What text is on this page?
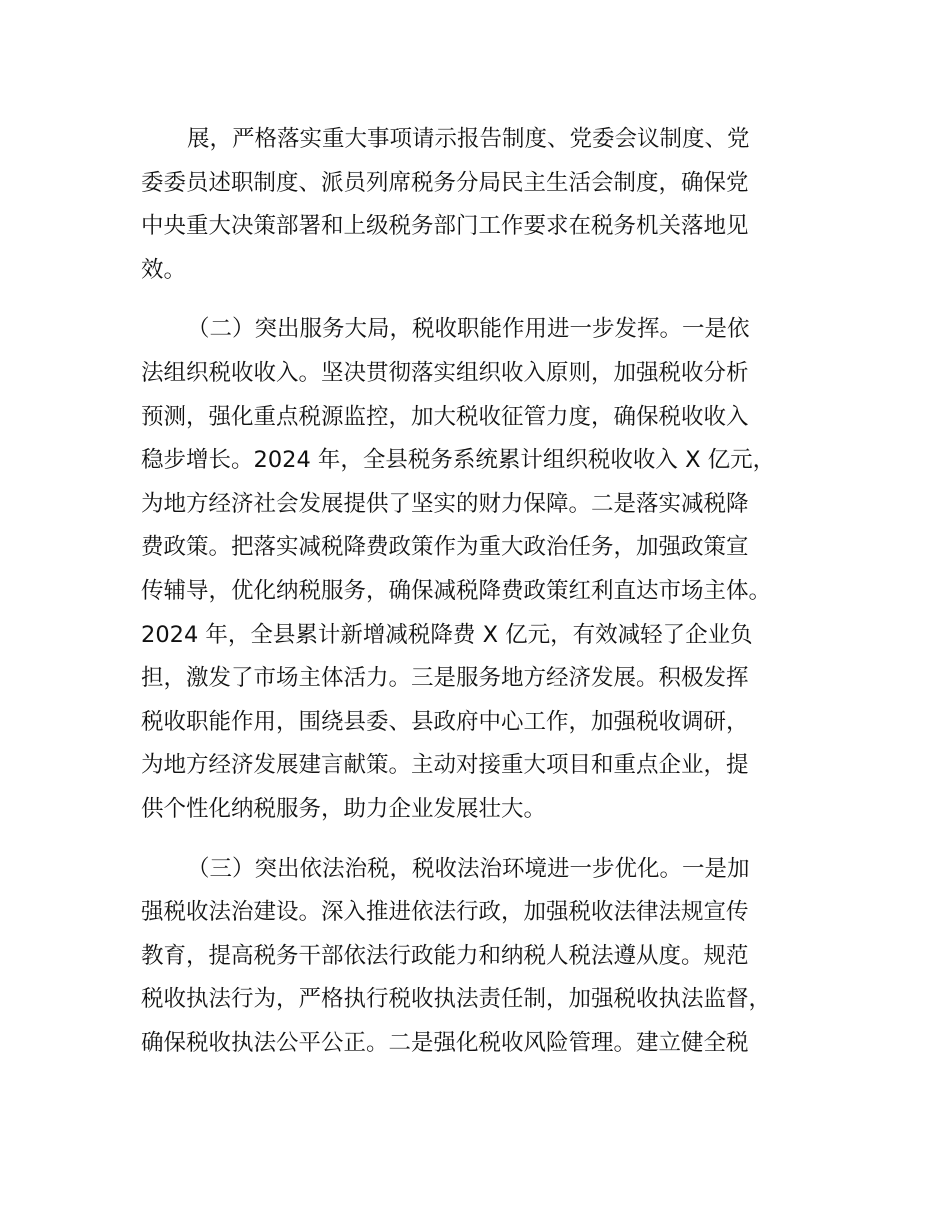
展，严格落实重大事项请示报告制度、党委会议制度、党
委委员述职制度、派员列席税务分局民主生活会制度，确保党
中央重大决策部署和上级税务部门工作要求在税务机关落地见
效。
（二）突出服务大局，税收职能作用进一步发挥。一是依
法组织税收收入。坚决贯彻落实组织收入原则，加强税收分析
预测，强化重点税源监控，加大税收征管力度，确保税收收入
稳步增长。2024 年，全县税务系统累计组织税收收入 X 亿元，
为地方经济社会发展提供了坚实的财力保障。二是落实减税降
费政策。把落实减税降费政策作为重大政治任务，加强政策宣
传辅导，优化纳税服务，确保减税降费政策红利直达市场主体。
2024 年，全县累计新增减税降费 X 亿元，有效减轻了企业负
担，激发了市场主体活力。三是服务地方经济发展。积极发挥
税收职能作用，围绕县委、县政府中心工作，加强税收调研，
为地方经济发展建言献策。主动对接重大项目和重点企业，提
供个性化纳税服务，助力企业发展壮大。
（三）突出依法治税，税收法治环境进一步优化。一是加
强税收法治建设。深入推进依法行政，加强税收法律法规宣传
教育，提高税务干部依法行政能力和纳税人税法遵从度。规范
税收执法行为，严格执行税收执法责任制，加强税收执法监督，
确保税收执法公平公正。二是强化税收风险管理。建立健全税
